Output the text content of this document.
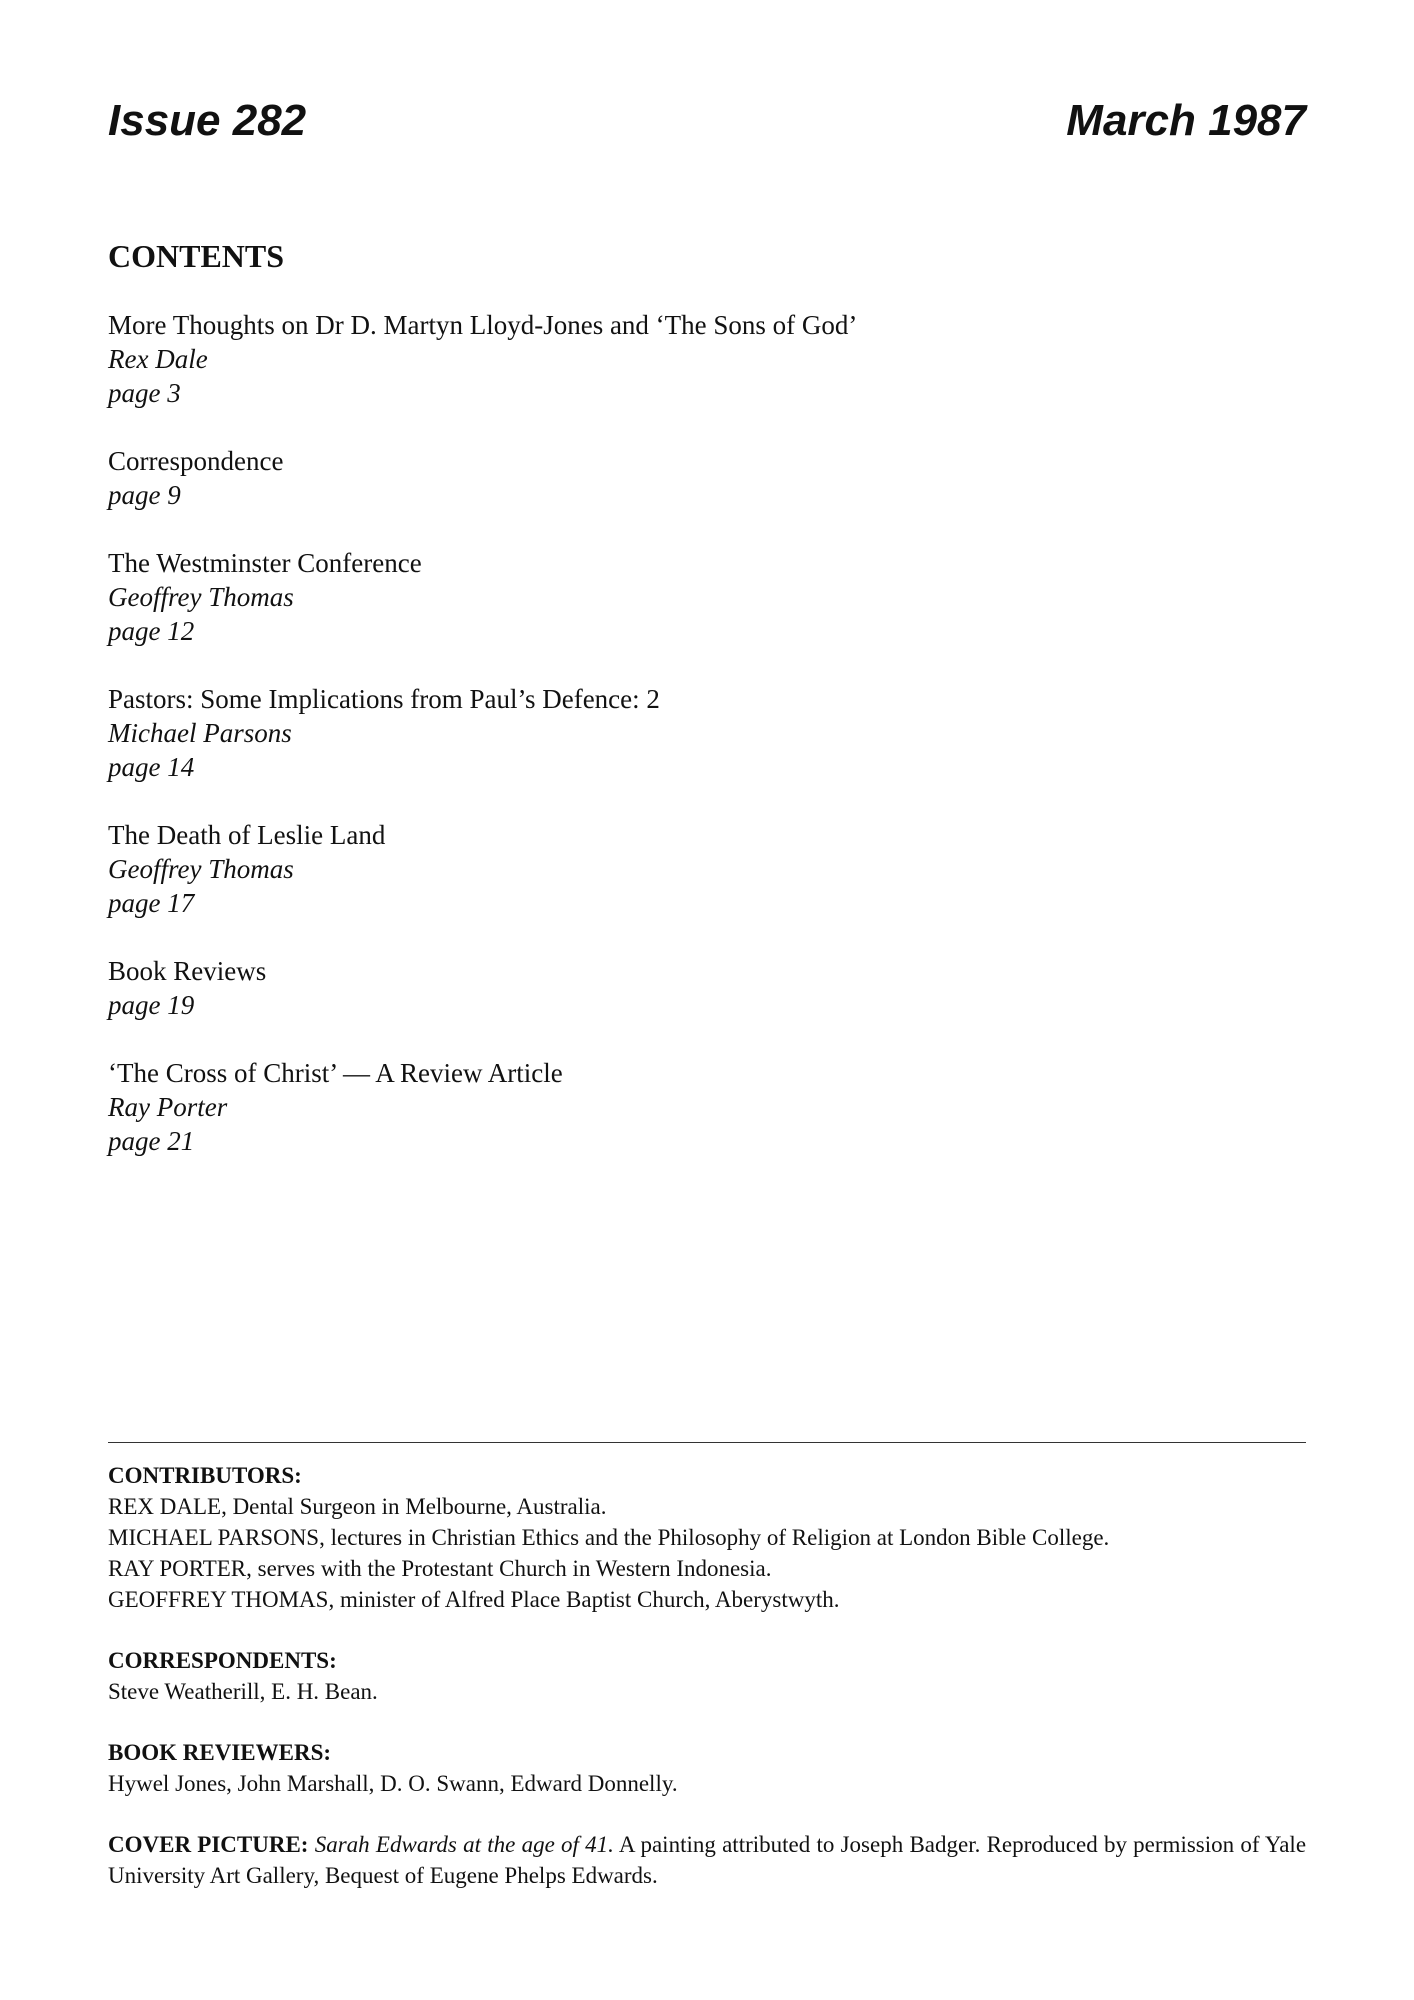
Issue 282	March 1987
CONTENTS
More Thoughts on Dr D. Martyn Lloyd-Jones and ‘The Sons of God’
Rex Dale
page 3
Correspondence
page 9
The Westminster Conference
Geoffrey Thomas
page 12
Pastors: Some Implications from Paul’s Defence: 2
Michael Parsons
page 14
The Death of Leslie Land
Geoffrey Thomas
page 17
Book Reviews
page 19
‘The Cross of Christ’ — A Review Article
Ray Porter
page 21
CONTRIBUTORS:
REX DALE, Dental Surgeon in Melbourne, Australia.
MICHAEL PARSONS, lectures in Christian Ethics and the Philosophy of Religion at London Bible College.
RAY PORTER, serves with the Protestant Church in Western Indonesia.
GEOFFREY THOMAS, minister of Alfred Place Baptist Church, Aberystwyth.
CORRESPONDENTS:
Steve Weatherill, E. H. Bean.
BOOK REVIEWERS:
Hywel Jones, John Marshall, D. O. Swann, Edward Donnelly.
COVER PICTURE: Sarah Edwards at the age of 41. A painting attributed to Joseph Badger. Reproduced by permission of Yale University Art Gallery, Bequest of Eugene Phelps Edwards.
